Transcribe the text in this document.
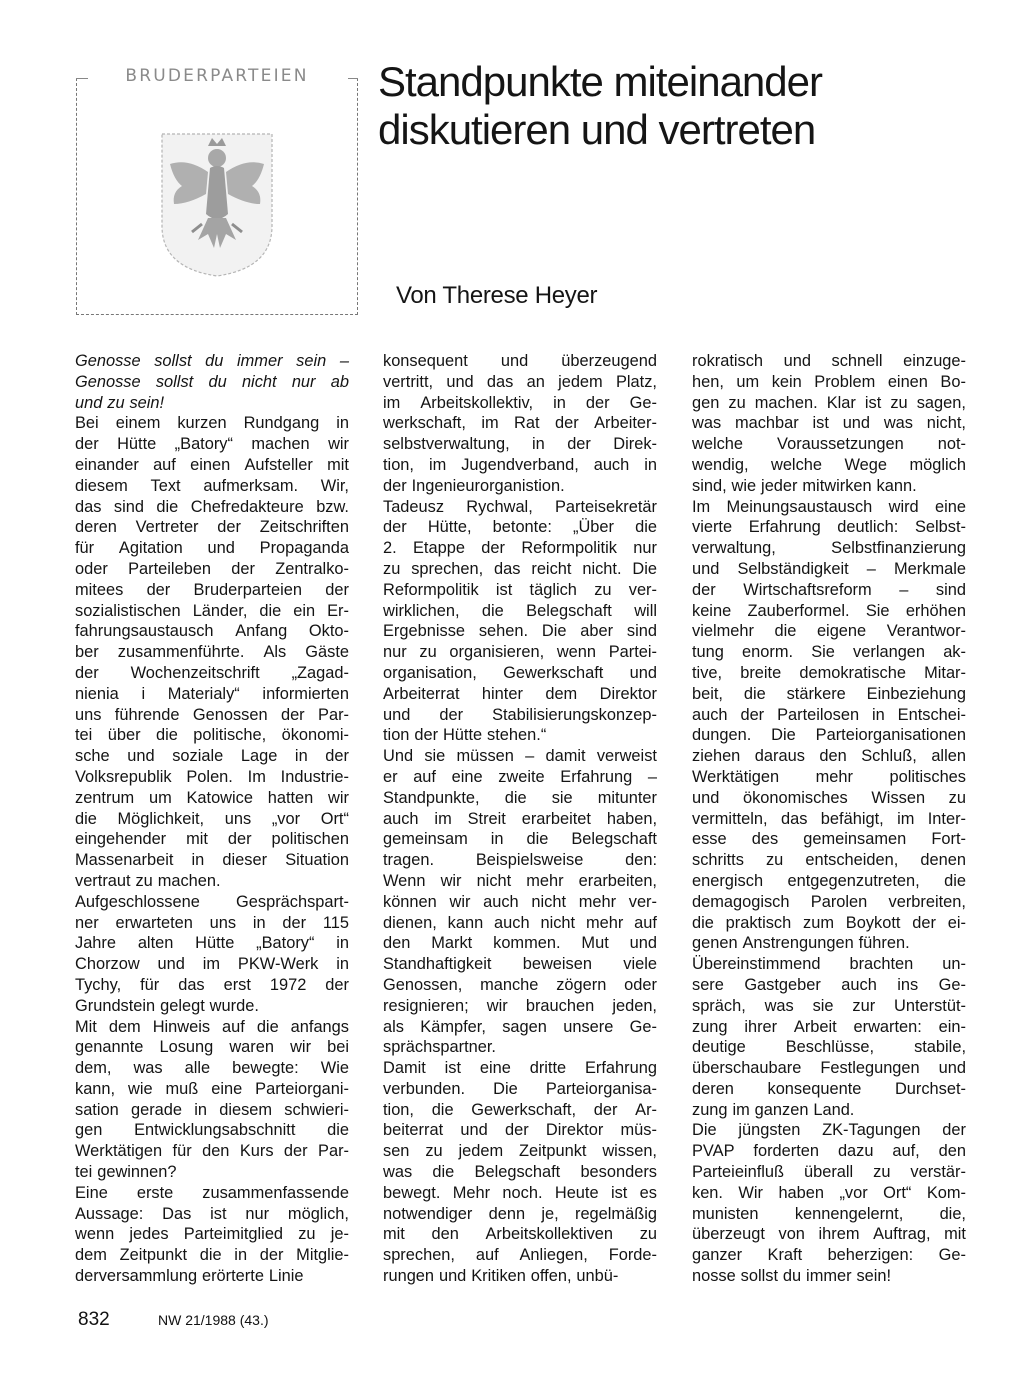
BRUDERPARTEIEN	Standpunkte miteinander
diskutieren und vertreten
Von Therese Heyer
Genosse sollst du immer sein –
Genosse sollst du nicht nur ab
und zu sein!
Bei einem kurzen Rundgang in
der Hütte „Batory“ machen wir
einander auf einen Aufsteller mit
diesem Text aufmerksam. Wir,
das sind die Chefredakteure bzw.
deren Vertreter der Zeitschriften
für Agitation und Propaganda
oder Parteileben der Zentralko-
mitees der Bruderparteien der
sozialistischen Länder, die ein Er-
fahrungsaustausch Anfang Okto-
ber zusammenführte. Als Gäste
der Wochenzeitschrift „Zagad-
nienia i Materialy“ informierten
uns führende Genossen der Par-
tei über die politische, ökonomi-
sche und soziale Lage in der
Volksrepublik Polen. Im Industrie-
zentrum um Katowice hatten wir
die Möglichkeit, uns „vor Ort“
eingehender mit der politischen
Massenarbeit in dieser Situation
vertraut zu machen.
Aufgeschlossene Gesprächspart-
ner erwarteten uns in der 115
Jahre alten Hütte „Batory“ in
Chorzow und im PKW-Werk in
Tychy, für das erst 1972 der
Grundstein gelegt wurde.
Mit dem Hinweis auf die anfangs
genannte Losung waren wir bei
dem, was alle bewegte: Wie
kann, wie muß eine Parteiorgani-
sation gerade in diesem schwieri-
gen Entwicklungsabschnitt die
Werktätigen für den Kurs der Par-
tei gewinnen?
Eine erste zusammenfassende
Aussage: Das ist nur möglich,
wenn jedes Parteimitglied zu je-
dem Zeitpunkt die in der Mitglie-
derversammlung erörterte Linie
konsequent und überzeugend
vertritt, und das an jedem Platz,
im Arbeitskollektiv, in der Ge-
werkschaft, im Rat der Arbeiter-
selbstverwaltung, in der Direk-
tion, im Jugendverband, auch in
der Ingenieurorganistion.
Tadeusz Rychwal, Parteisekretär
der Hütte, betonte: „Über die
2. Etappe der Reformpolitik nur
zu sprechen, das reicht nicht. Die
Reformpolitik ist täglich zu ver-
wirklichen, die Belegschaft will
Ergebnisse sehen. Die aber sind
nur zu organisieren, wenn Partei-
organisation, Gewerkschaft und
Arbeiterrat hinter dem Direktor
und der Stabilisierungskonzep-
tion der Hütte stehen.“
Und sie müssen – damit verweist
er auf eine zweite Erfahrung –
Standpunkte, die sie mitunter
auch im Streit erarbeitet haben,
gemeinsam in die Belegschaft
tragen.	Beispielsweise	den:
Wenn wir nicht mehr erarbeiten,
können wir auch nicht mehr ver-
dienen, kann auch nicht mehr auf
den Markt kommen. Mut und
Standhaftigkeit beweisen viele
Genossen, manche zögern oder
resignieren; wir brauchen jeden,
als Kämpfer, sagen unsere Ge-
sprächspartner.
Damit ist eine dritte Erfahrung
verbunden. Die Parteiorganisa-
tion, die Gewerkschaft, der Ar-
beiterrat und der Direktor müs-
sen zu jedem Zeitpunkt wissen,
was die Belegschaft besonders
bewegt. Mehr noch. Heute ist es
notwendiger denn je, regelmäßig
mit den Arbeitskollektiven zu
sprechen, auf Anliegen, Forde-
rungen und Kritiken offen, unbü-
rokratisch und schnell einzuge-
hen, um kein Problem einen Bo-
gen zu machen. Klar ist zu sagen,
was machbar ist und was nicht,
welche Voraussetzungen not-
wendig, welche Wege möglich
sind, wie jeder mitwirken kann.
Im Meinungsaustausch wird eine
vierte Erfahrung deutlich: Selbst-
verwaltung,	Selbstfinanzierung
und Selbständigkeit – Merkmale
der Wirtschaftsreform – sind
keine Zauberformel. Sie erhöhen
vielmehr die eigene Verantwor-
tung enorm. Sie verlangen ak-
tive, breite demokratische Mitar-
beit, die stärkere Einbeziehung
auch der Parteilosen in Entschei-
dungen. Die Parteiorganisationen
ziehen daraus den Schluß, allen
Werktätigen mehr politisches
und ökonomisches Wissen zu
vermitteln, das befähigt, im Inter-
esse des gemeinsamen Fort-
schritts zu entscheiden, denen
energisch entgegenzutreten, die
demagogisch Parolen verbreiten,
die praktisch zum Boykott der ei-
genen Anstrengungen führen.
Übereinstimmend brachten un-
sere Gastgeber auch ins Ge-
spräch, was sie zur Unterstüt-
zung ihrer Arbeit erwarten: ein-
deutige Beschlüsse, stabile,
überschaubare Festlegungen und
deren konsequente Durchset-
zung im ganzen Land.
Die jüngsten ZK-Tagungen der
PVAP forderten dazu auf, den
Parteieinfluß überall zu verstär-
ken. Wir haben „vor Ort“ Kom-
munisten kennengelernt, die,
überzeugt von ihrem Auftrag, mit
ganzer Kraft beherzigen: Ge-
nosse sollst du immer sein!
832	NW 21/1988 (43.)
